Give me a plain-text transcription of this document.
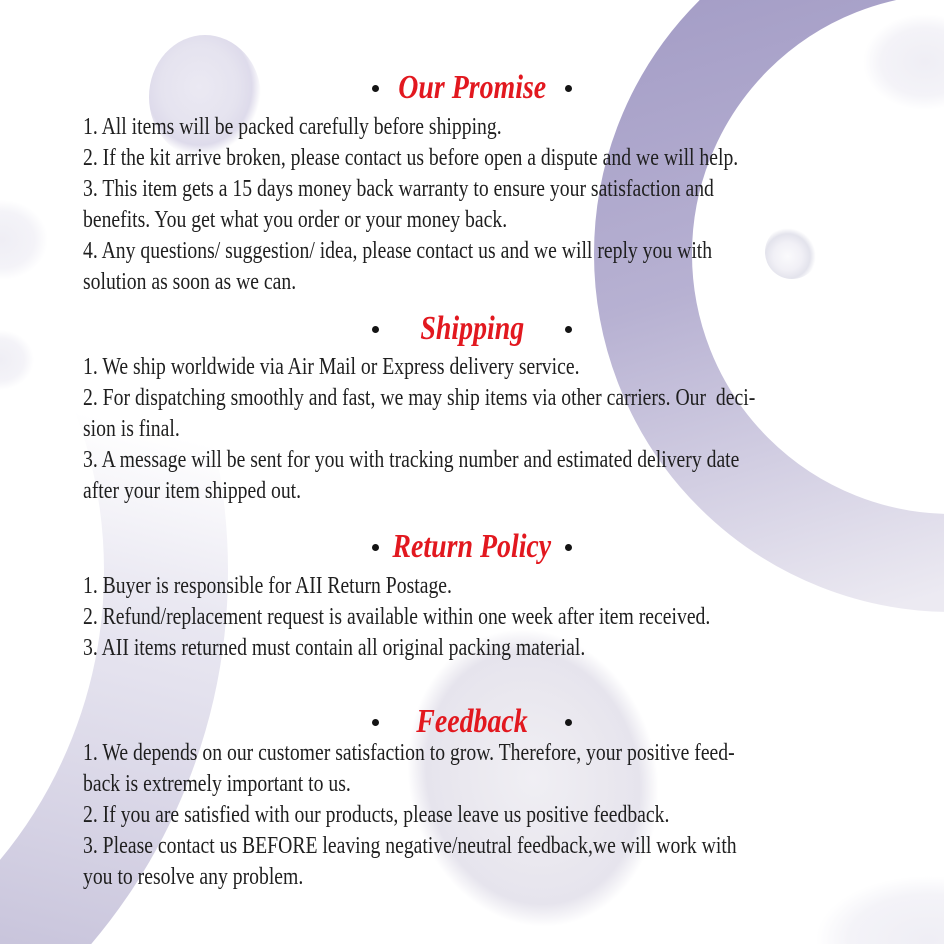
Our Promise
1. All items will be packed carefully before shipping.
2. If the kit arrive broken, please contact us before open a dispute and we will help.
3. This item gets a 15 days money back warranty to ensure your satisfaction and
benefits. You get what you order or your money back.
4. Any questions/ suggestion/ idea, please contact us and we will reply you with
solution as soon as we can.
Shipping
1. We ship worldwide via Air Mail or Express delivery service.
2. For dispatching smoothly and fast, we may ship items via other carriers. Our  deci-
sion is final.
3. A message will be sent for you with tracking number and estimated delivery date
after your item shipped out.
Return Policy
1. Buyer is responsible for AII Return Postage.
2. Refund/replacement request is available within one week after item received.
3. AII items returned must contain all original packing material.
Feedback
1. We depends on our customer satisfaction to grow. Therefore, your positive feed-
back is extremely important to us.
2. If you are satisfied with our products, please leave us positive feedback.
3. Please contact us BEFORE leaving negative/neutral feedback,we will work with
you to resolve any problem.
